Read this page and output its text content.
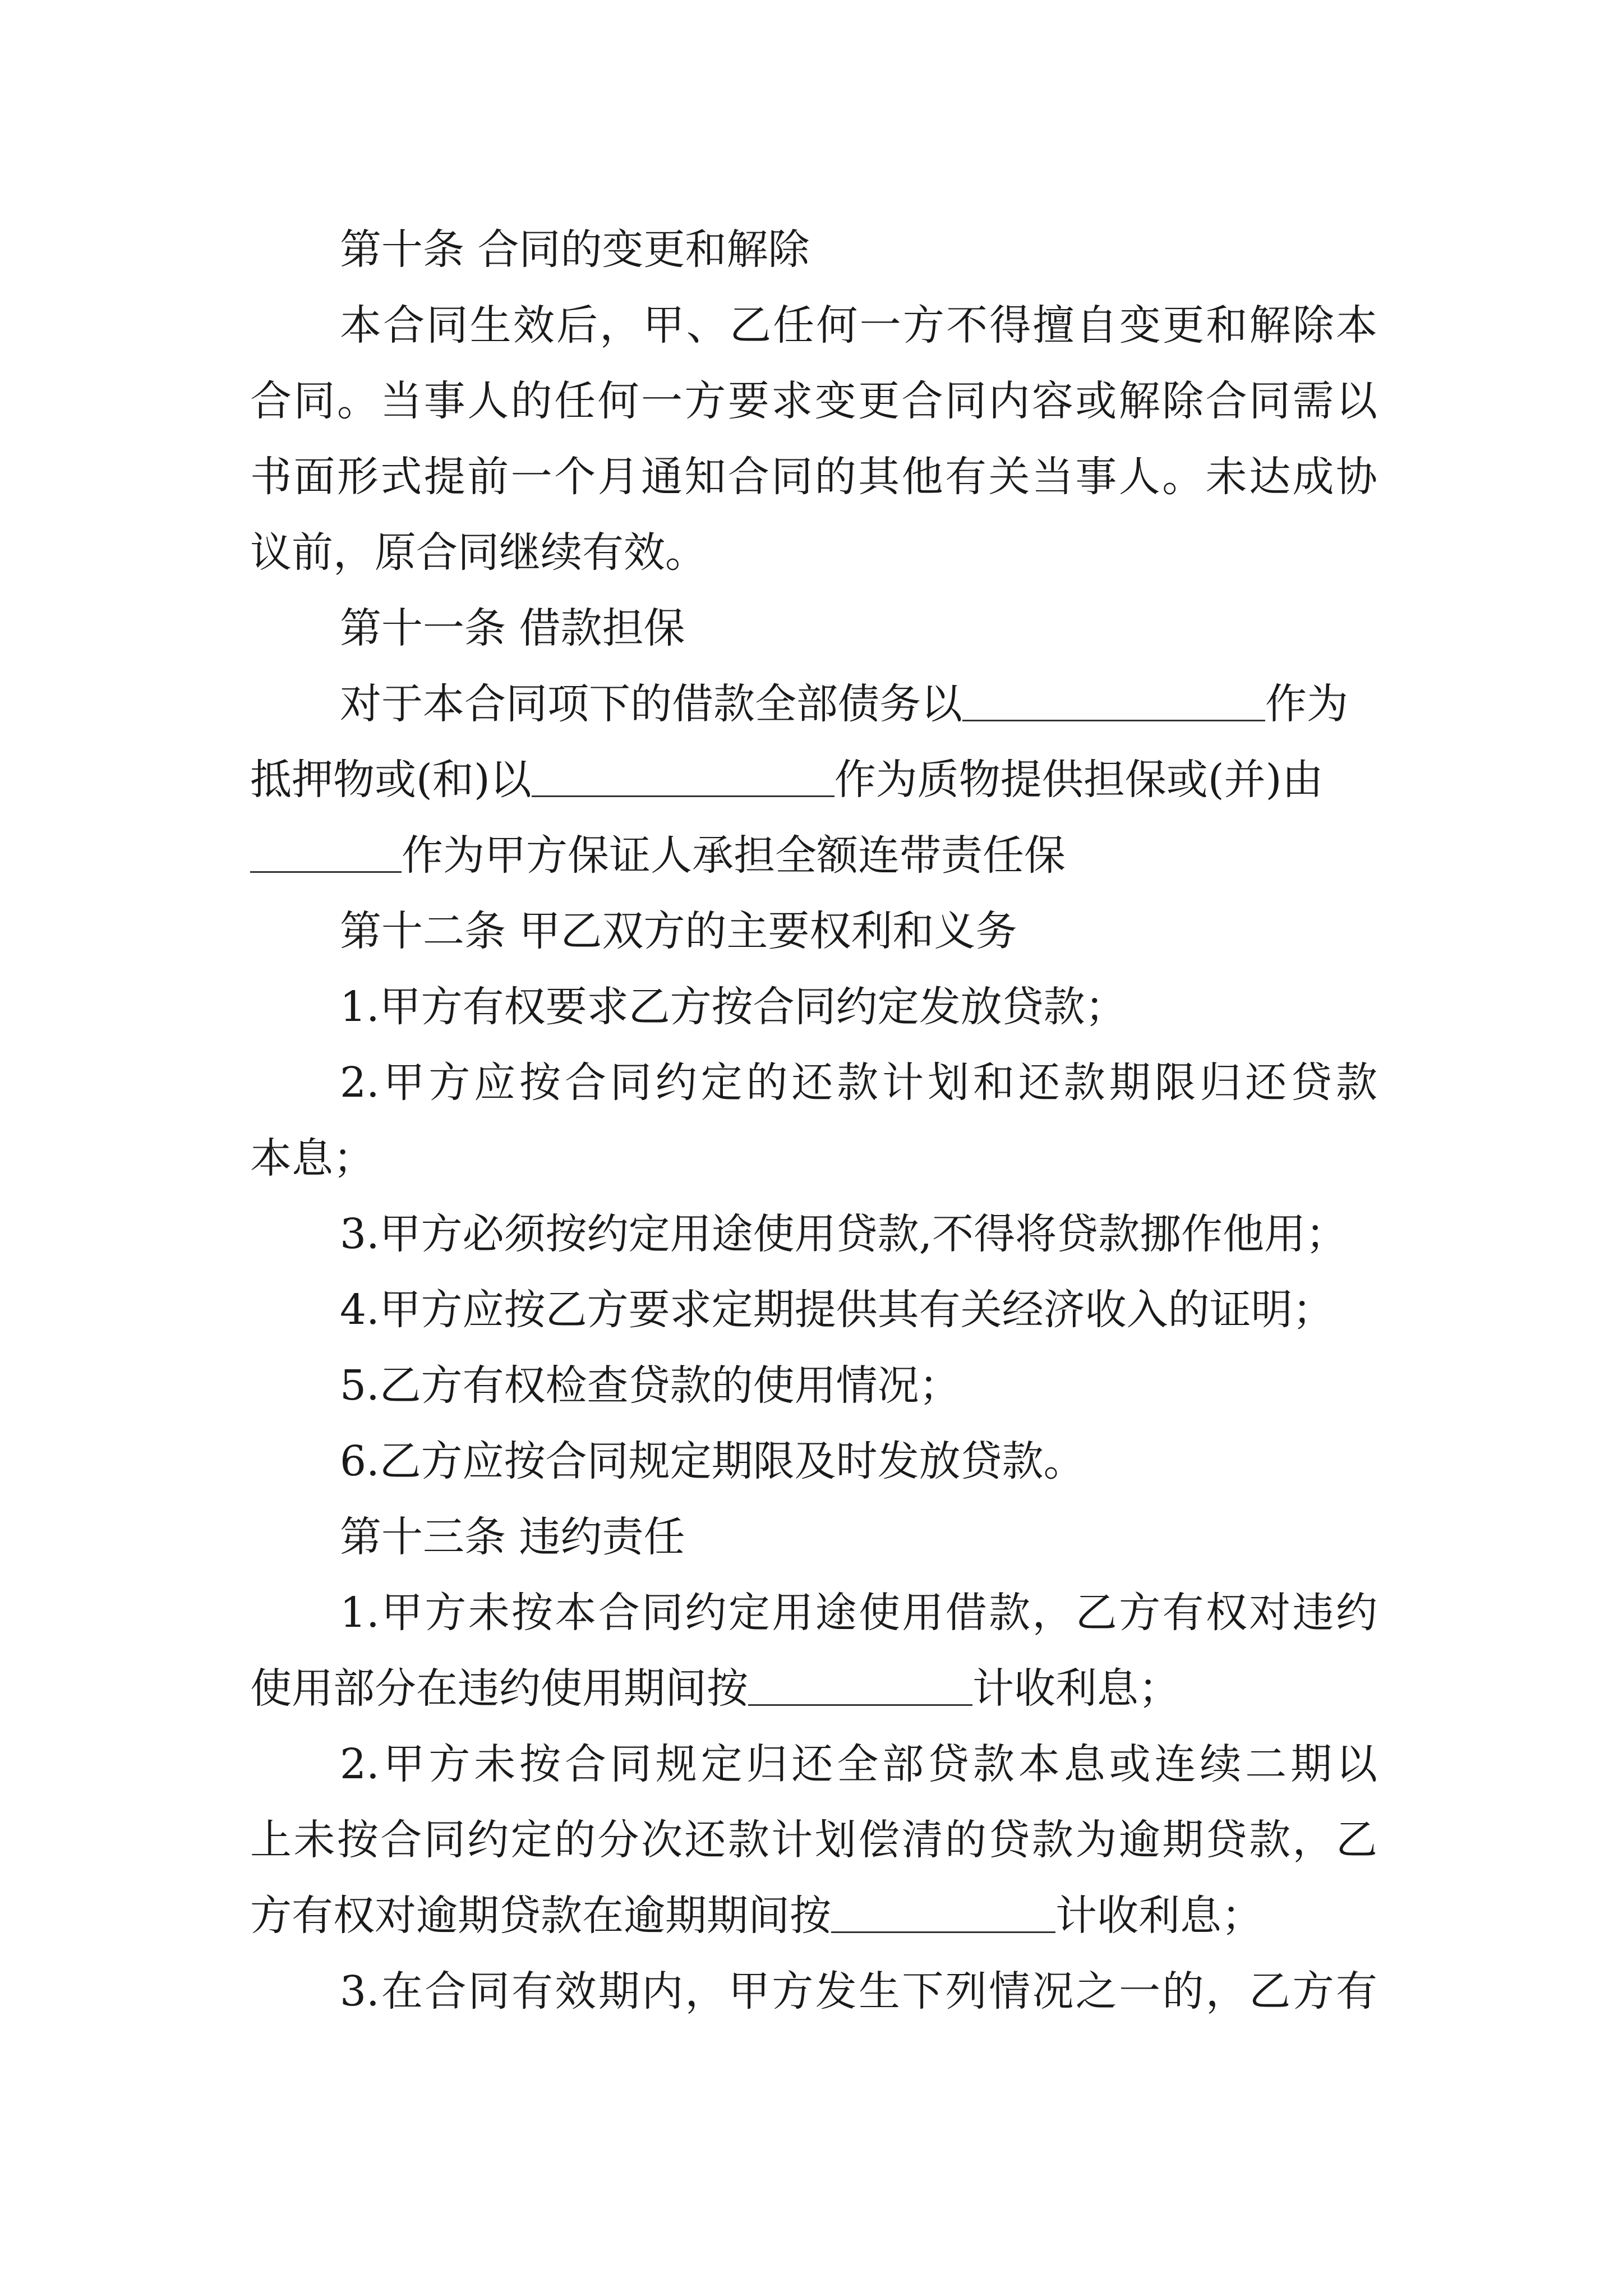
第十条 合同的变更和解除
本合同生效后，甲、乙任何一方不得擅自变更和解除本
合同。当事人的任何一方要求变更合同内容或解除合同需以
书面形式提前一个月通知合同的其他有关当事人。未达成协
议前，原合同继续有效。
第十一条 借款担保
对于本合同项下的借款全部债务以	作为
抵押物或(和)以	作为质物提供担保或(并)由
作为甲方保证人承担全额连带责任保
第十二条 甲乙双方的主要权利和义务
1.甲方有权要求乙方按合同约定发放贷款；
2.甲方应按合同约定的还款计划和还款期限归还贷款
本息；
3.甲方必须按约定用途使用贷款,不得将贷款挪作他用；
4.甲方应按乙方要求定期提供其有关经济收入的证明；
5.乙方有权检查贷款的使用情况；
6.乙方应按合同规定期限及时发放贷款。
第十三条 违约责任
1.甲方未按本合同约定用途使用借款，乙方有权对违约
使用部分在违约使用期间按	计收利息；
2.甲方未按合同规定归还全部贷款本息或连续二期以
上未按合同约定的分次还款计划偿清的贷款为逾期贷款，乙
方有权对逾期贷款在逾期期间按	计收利息；
3.在合同有效期内，甲方发生下列情况之一的，乙方有
